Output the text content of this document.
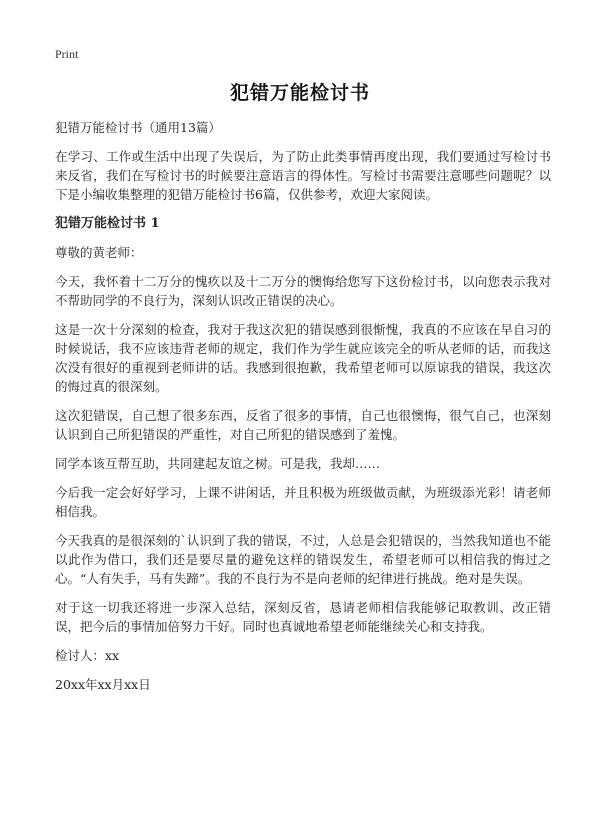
Print
犯错万能检讨书

犯错万能检讨书（通用13篇）

在学习、工作或生活中出现了失误后，为了防止此类事情再度出现，我们要通过写检讨书来反省，我们在写检讨书的时候要注意语言的得体性。写检讨书需要注意哪些问题呢？以下是小编收集整理的犯错万能检讨书6篇，仅供参考，欢迎大家阅读。

犯错万能检讨书 1

尊敬的黄老师：

今天，我怀着十二万分的愧疚以及十二万分的懊悔给您写下这份检讨书，以向您表示我对不帮助同学的不良行为，深刻认识改正错误的决心。

这是一次十分深刻的检查，我对于我这次犯的错误感到很惭愧，我真的不应该在早自习的时候说话，我不应该违背老师的规定，我们作为学生就应该完全的听从老师的话，而我这次没有很好的重视到老师讲的话。我感到很抱歉，我希望老师可以原谅我的错误，我这次的悔过真的很深刻。

这次犯错误，自己想了很多东西，反省了很多的事情，自己也很懊悔，很气自己，也深刻认识到自己所犯错误的严重性，对自己所犯的错误感到了羞愧。

同学本该互帮互助，共同建起友谊之树。可是我，我却……

今后我一定会好好学习，上课不讲闲话，并且积极为班级做贡献，为班级添光彩！请老师相信我。

今天我真的是很深刻的`认识到了我的错误，不过，人总是会犯错误的，当然我知道也不能以此作为借口，我们还是要尽量的避免这样的错误发生，希望老师可以相信我的悔过之心。“人有失手，马有失蹄”。我的不良行为不是向老师的纪律进行挑战。绝对是失误。

对于这一切我还将进一步深入总结，深刻反省，恳请老师相信我能够记取教训、改正错误，把今后的事情加倍努力干好。同时也真诚地希望老师能继续关心和支持我。

检讨人：xx

20xx年xx月xx日
